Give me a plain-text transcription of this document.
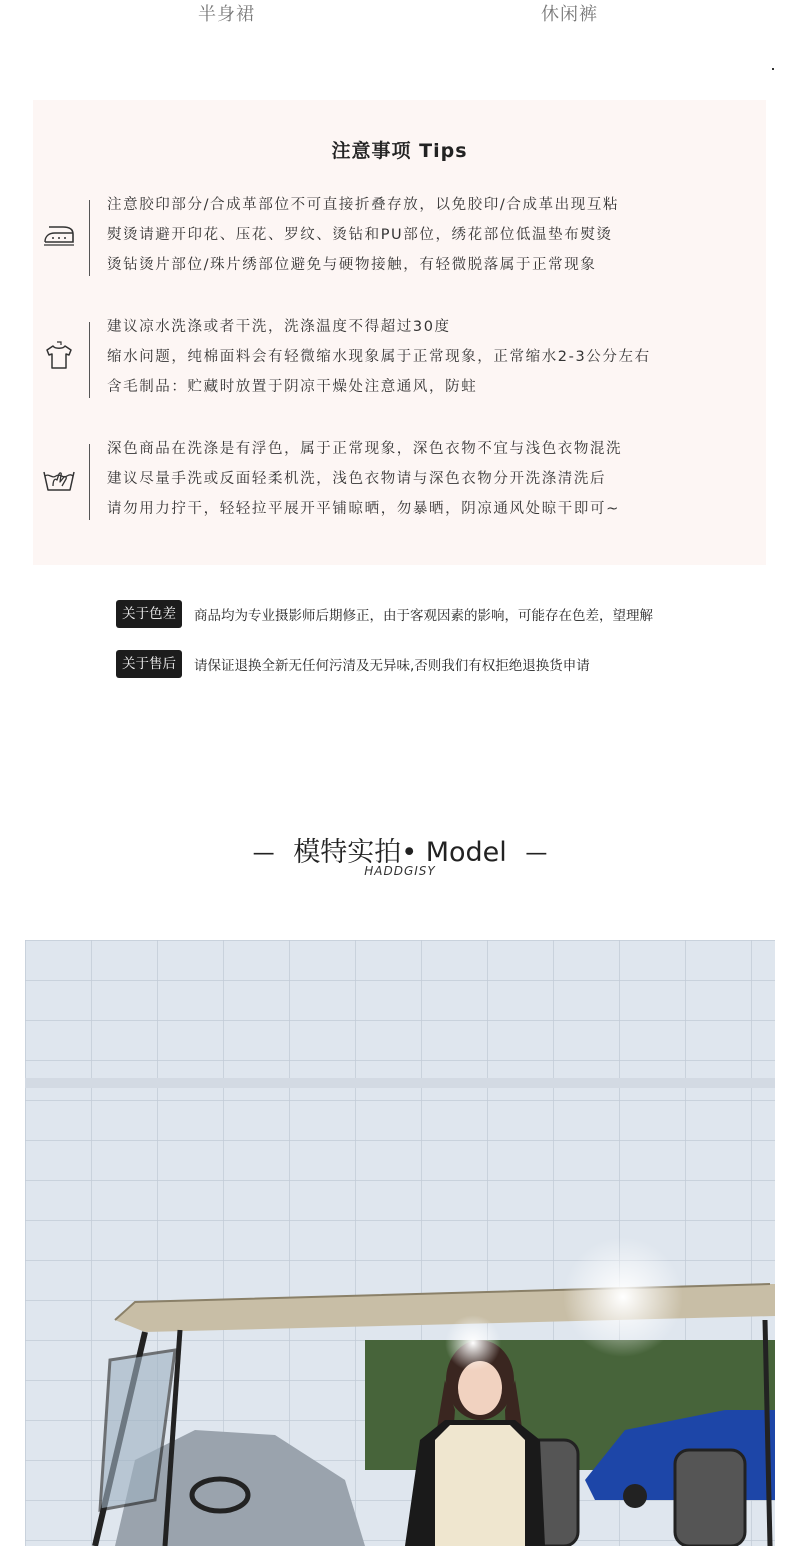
半身裙	休闲裤
注意事项 Tips
注意胶印部分/合成革部位不可直接折叠存放，以免胶印/合成革出现互粘
熨烫请避开印花、压花、罗纹、烫钻和PU部位，绣花部位低温垫布熨烫
烫钻烫片部位/珠片绣部位避免与硬物接触，有轻微脱落属于正常现象
建议凉水洗涤或者干洗，洗涤温度不得超过30度
缩水问题，纯棉面料会有轻微缩水现象属于正常现象，正常缩水2-3公分左右
含毛制品：贮藏时放置于阴凉干燥处注意通风，防蛀
深色商品在洗涤是有浮色，属于正常现象，深色衣物不宜与浅色衣物混洗
建议尽量手洗或反面轻柔机洗，浅色衣物请与深色衣物分开洗涤清洗后
请勿用力拧干，轻轻拉平展开平铺晾晒，勿暴晒，阴凉通风处晾干即可~
关于色差	商品均为专业摄影师后期修正，由于客观因素的影响，可能存在色差，望理解
关于售后	请保证退换全新无任何污清及无异味,否则我们有权拒绝退换货申请
— 模特实拍• Model —
HADDGISY
